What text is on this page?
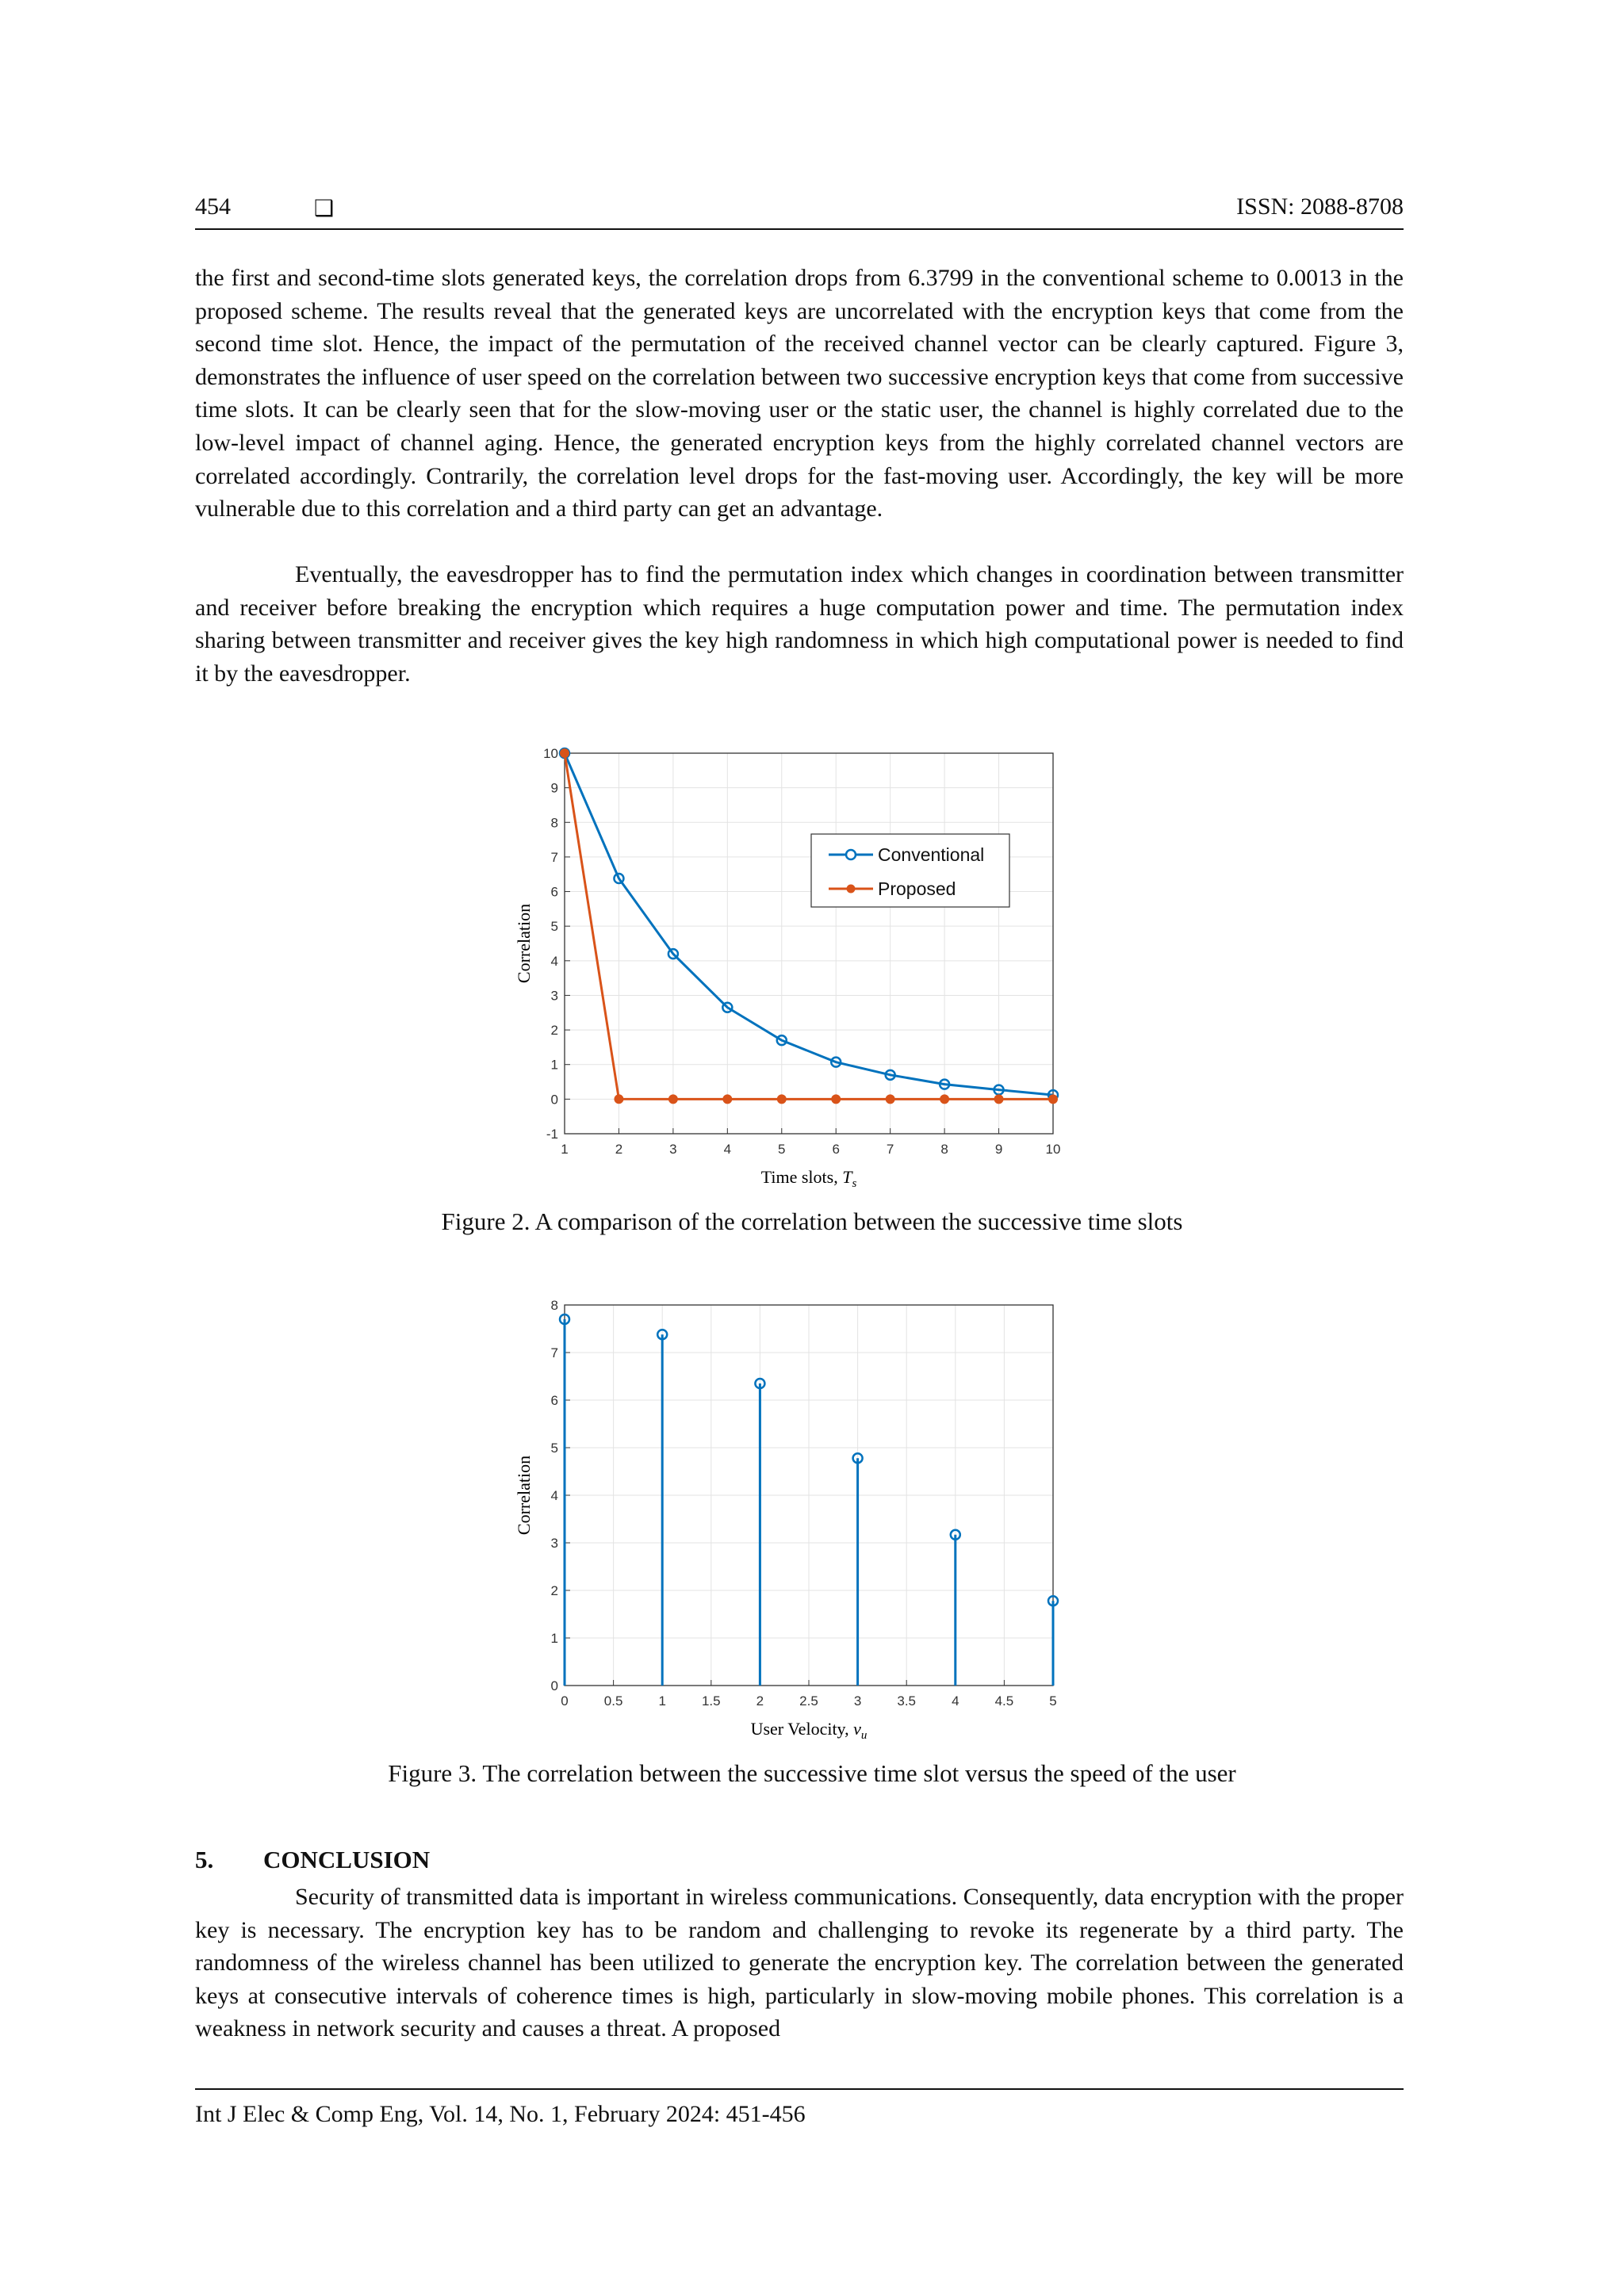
454	❑	ISSN: 2088-8708

the first and second-time slots generated keys, the correlation drops from 6.3799 in the conventional scheme to 0.0013 in the proposed scheme. The results reveal that the generated keys are uncorrelated with the encryption keys that come from the second time slot. Hence, the impact of the permutation of the received channel vector can be clearly captured. Figure 3, demonstrates the influence of user speed on the correlation between two successive encryption keys that come from successive time slots. It can be clearly seen that for the slow-moving user or the static user, the channel is highly correlated due to the low-level impact of channel aging. Hence, the generated encryption keys from the highly correlated channel vectors are correlated accordingly. Contrarily, the correlation level drops for the fast-moving user. Accordingly, the key will be more vulnerable due to this correlation and a third party can get an advantage.

Eventually, the eavesdropper has to find the permutation index which changes in coordination between transmitter and receiver before breaking the encryption which requires a huge computation power and time. The permutation index sharing between transmitter and receiver gives the key high randomness in which high computational power is needed to find it by the eavesdropper.

1	2	3	4	5	6	7	8	9	10
-1
0
1
2
3
4
5
6
7
8
9
10
Conventional
Proposed
Time slots, $T_s$
Correlation
Figure 2. A comparison of the correlation between the successive time slots
0	0.5	1	1.5	2	2.5	3	3.5	4	4.5	5
0
1
2
3
4
5
6
7
8
User Velocity, $v_u$
Correlation
Figure 3. The correlation between the successive time slot versus the speed of the user
5. CONCLUSION

Security of transmitted data is important in wireless communications. Consequently, data encryption with the proper key is necessary. The encryption key has to be random and challenging to revoke its regenerate by a third party. The randomness of the wireless channel has been utilized to generate the encryption key. The correlation between the generated keys at consecutive intervals of coherence times is high, particularly in slow-moving mobile phones. This correlation is a weakness in network security and causes a threat. A proposed

Int J Elec & Comp Eng, Vol. 14, No. 1, February 2024: 451-456
